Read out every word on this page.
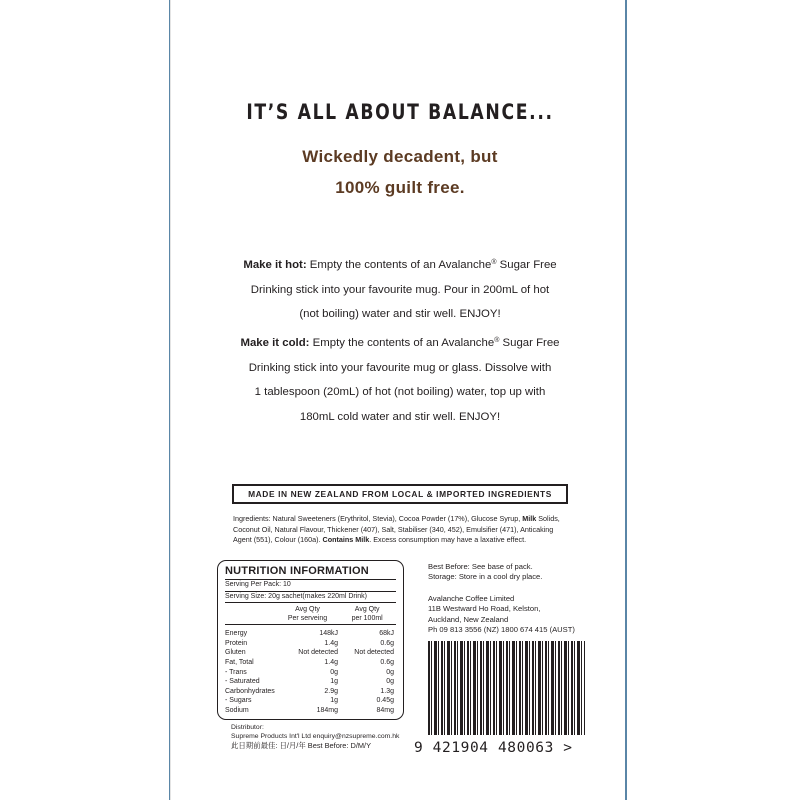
IT’S ALL ABOUT BALANCE...
Wickedly decadent, but
100% guilt free.
Make it hot: Empty the contents of an Avalanche® Sugar Free
Drinking stick into your favourite mug. Pour in 200mL of hot
(not boiling) water and stir well. ENJOY!
Make it cold: Empty the contents of an Avalanche® Sugar Free
Drinking stick into your favourite mug or glass. Dissolve with
1 tablespoon (20mL) of hot (not boiling) water, top up with
180mL cold water and stir well. ENJOY!
MADE IN NEW ZEALAND FROM LOCAL & IMPORTED INGREDIENTS
Ingredients: Natural Sweeteners (Erythritol, Stevia), Cocoa Powder (17%), Glucose Syrup, Milk Solids, Coconut Oil, Natural Flavour, Thickener (407), Salt, Stabiliser (340, 452), Emulsifier (471), Anticaking Agent (551), Colour (160a). Contains Milk. Excess consumption may have a laxative effect.
NUTRITION INFORMATION
Serving Per Pack: 10
Serving Size: 20g sachet(makes 220ml Drink)
Avg Qty
Per serveing
Avg Qty
per 100ml
Energy	148kJ	68kJ
Protein	1.4g	0.6g
Gluten	Not detected	Not detected
Fat, Total	1.4g	0.6g
- Trans	0g	0g
- Saturated	1g	0g
Carbonhydrates	2.9g	1.3g
- Sugars	1g	0.45g
Sodium	184mg	84mg
Distributor:
Supreme Products Int'l Ltd enquiry@nzsupreme.com.hk
此日期前最佳: 日/月/年 Best Before: D/M/Y
Best Before: See base of pack.
Storage: Store in a cool dry place.
Avalanche Coffee Limited
11B Westward Ho Road, Kelston,
Auckland, New Zealand
Ph 09 813 3556 (NZ) 1800 674 415 (AUST)
9 421904 480063 >
